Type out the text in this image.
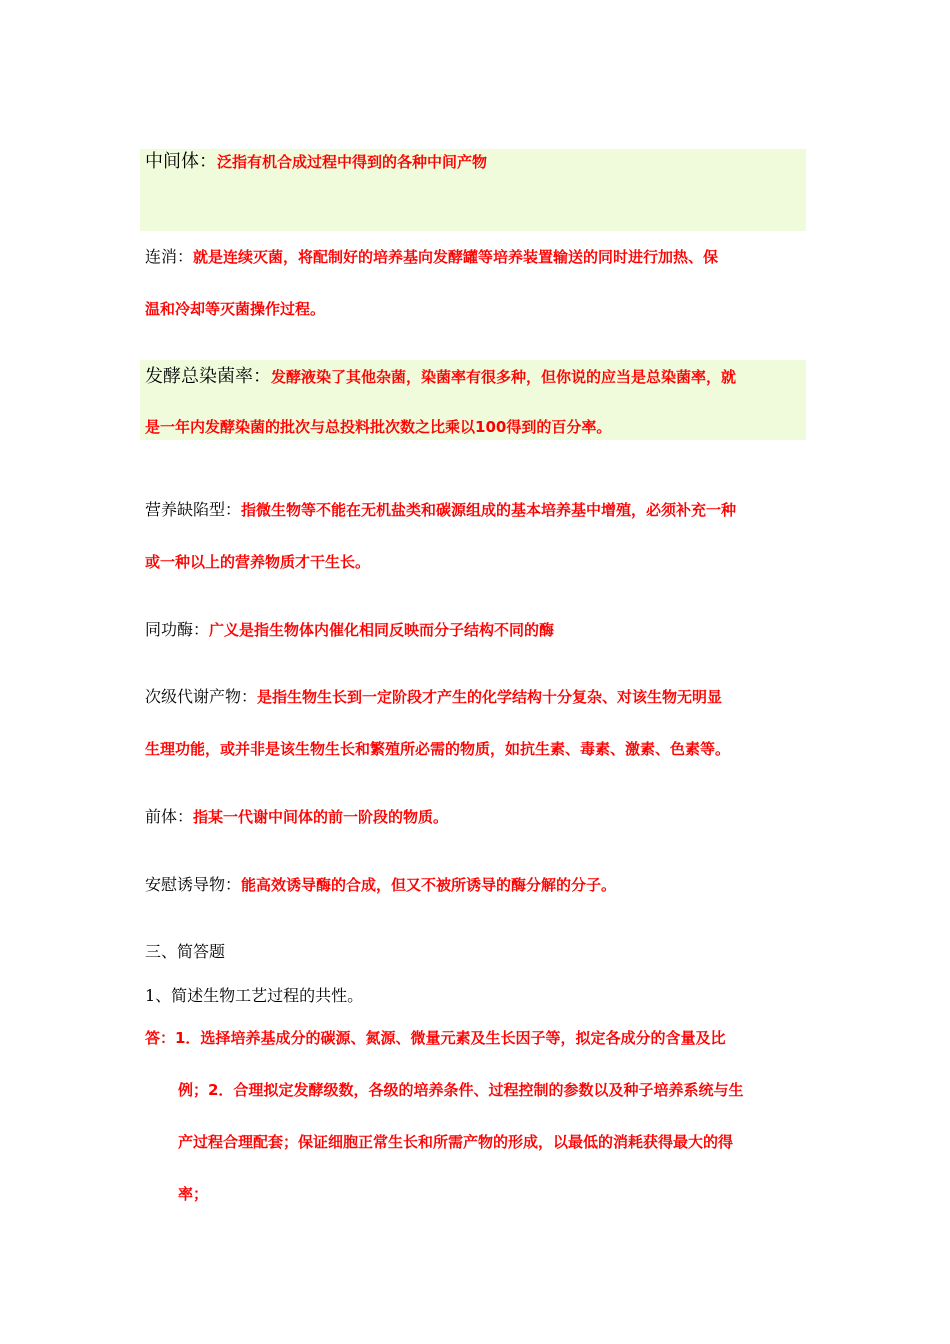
中间体：泛指有机合成过程中得到的各种中间产物
连消：就是连续灭菌，将配制好的培养基向发酵罐等培养装置输送的同时进行加热、保
温和冷却等灭菌操作过程。
发酵总染菌率：发酵液染了其他杂菌，染菌率有很多种，但你说的应当是总染菌率，就
是一年内发酵染菌的批次与总投料批次数之比乘以100得到的百分率。
营养缺陷型：指微生物等不能在无机盐类和碳源组成的基本培养基中增殖，必须补充一种
或一种以上的营养物质才干生长。
同功酶：广义是指生物体内催化相同反映而分子结构不同的酶
次级代谢产物：是指生物生长到一定阶段才产生的化学结构十分复杂、对该生物无明显
生理功能，或并非是该生物生长和繁殖所必需的物质，如抗生素、毒素、激素、色素等。
前体：指某一代谢中间体的前一阶段的物质。
安慰诱导物：能高效诱导酶的合成，但又不被所诱导的酶分解的分子。
三、简答题
1、简述生物工艺过程的共性。
答：1．选择培养基成分的碳源、氮源、微量元素及生长因子等，拟定各成分的含量及比
例；2．合理拟定发酵级数，各级的培养条件、过程控制的参数以及种子培养系统与生
产过程合理配套；保证细胞正常生长和所需产物的形成，以最低的消耗获得最大的得
率；
